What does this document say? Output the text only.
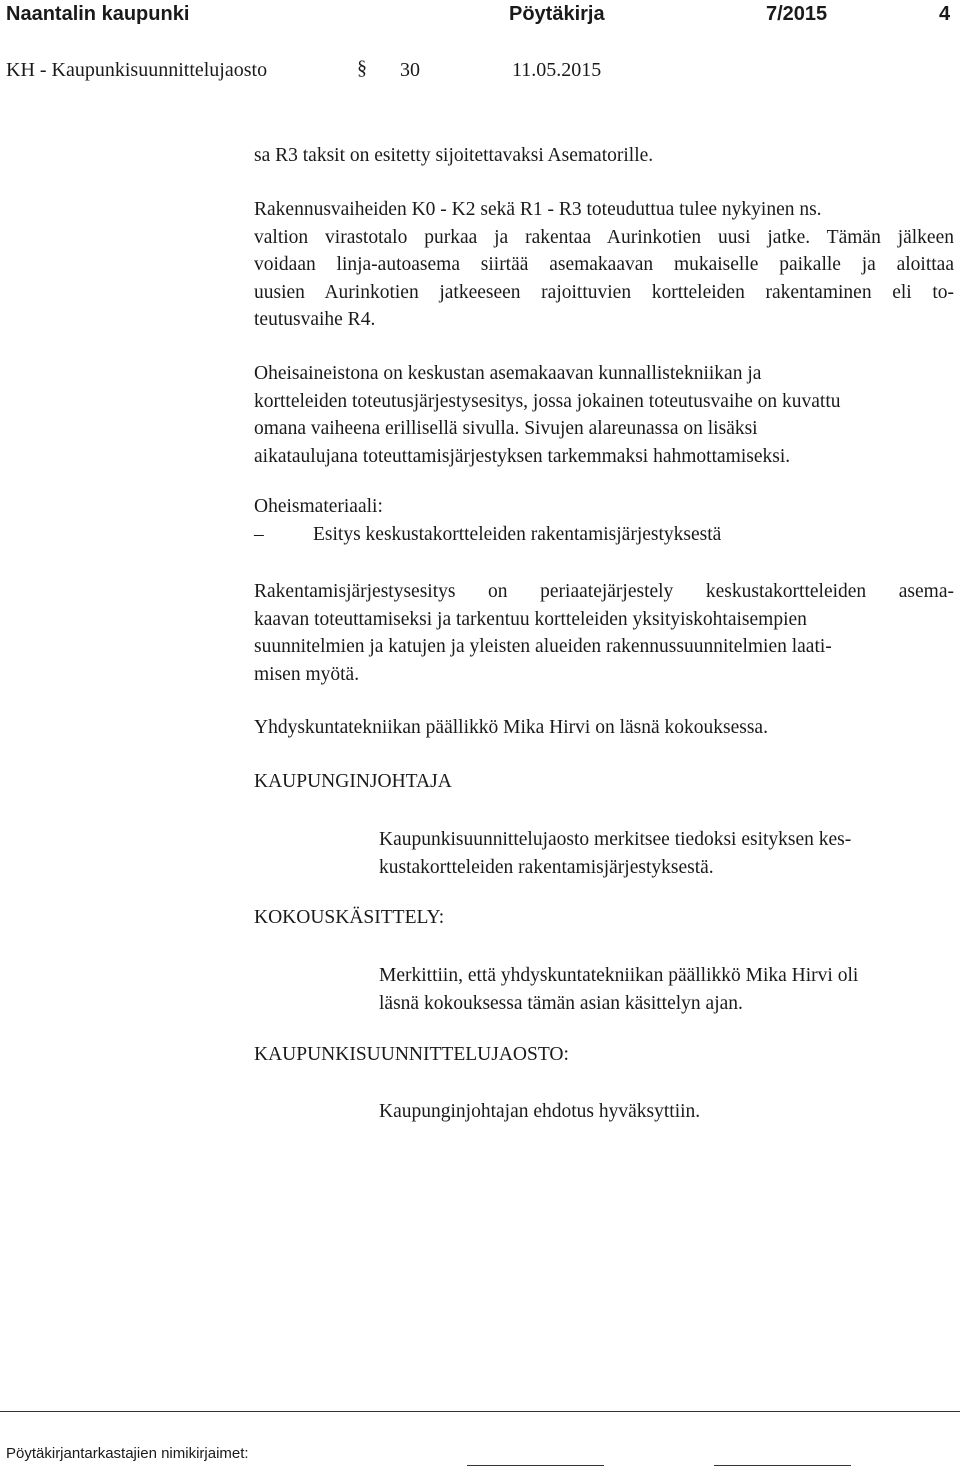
Naantalin kaupunki	Pöytäkirja	7/2015	4
KH - Kaupunkisuunnittelujaosto	§ 30	11.05.2015
sa R3 taksit on esitetty sijoitettavaksi Asematorille.
Rakennusvaiheiden K0 - K2 sekä R1 - R3 toteuduttua tulee nykyinen ns.
valtion virastotalo purkaa ja rakentaa Aurinkotien uusi jatke. Tämän jälkeen
voidaan linja-autoasema siirtää asemakaavan mukaiselle paikalle ja aloittaa
uusien Aurinkotien jatkeeseen rajoittuvien kortteleiden rakentaminen eli to-
teutusvaihe R4.
Oheisaineistona on keskustan asemakaavan kunnallistekniikan ja
kortteleiden toteutusjärjestysesitys, jossa jokainen toteutusvaihe on kuvattu
omana vaiheena erillisellä sivulla. Sivujen alareunassa on lisäksi
aikataulujana toteuttamisjärjestyksen tarkemmaksi hahmottamiseksi.
Oheismateriaali:
–	Esitys keskustakortteleiden rakentamisjärjestyksestä
Rakentamisjärjestysesitys on periaatejärjestely keskustakortteleiden asema-
kaavan toteuttamiseksi ja tarkentuu kortteleiden yksityiskohtaisempien
suunnitelmien ja katujen ja yleisten alueiden rakennussuunnitelmien laati-
misen myötä.
Yhdyskuntatekniikan päällikkö Mika Hirvi on läsnä kokouksessa.
KAUPUNGINJOHTAJA
Kaupunkisuunnittelujaosto merkitsee tiedoksi esityksen kes-
kustakortteleiden rakentamisjärjestyksestä.
KOKOUSKÄSITTELY:
Merkittiin, että yhdyskuntatekniikan päällikkö Mika Hirvi oli
läsnä kokouksessa tämän asian käsittelyn ajan.
KAUPUNKISUUNNITTELUJAOSTO:
Kaupunginjohtajan ehdotus hyväksyttiin.
Pöytäkirjantarkastajien nimikirjaimet:
